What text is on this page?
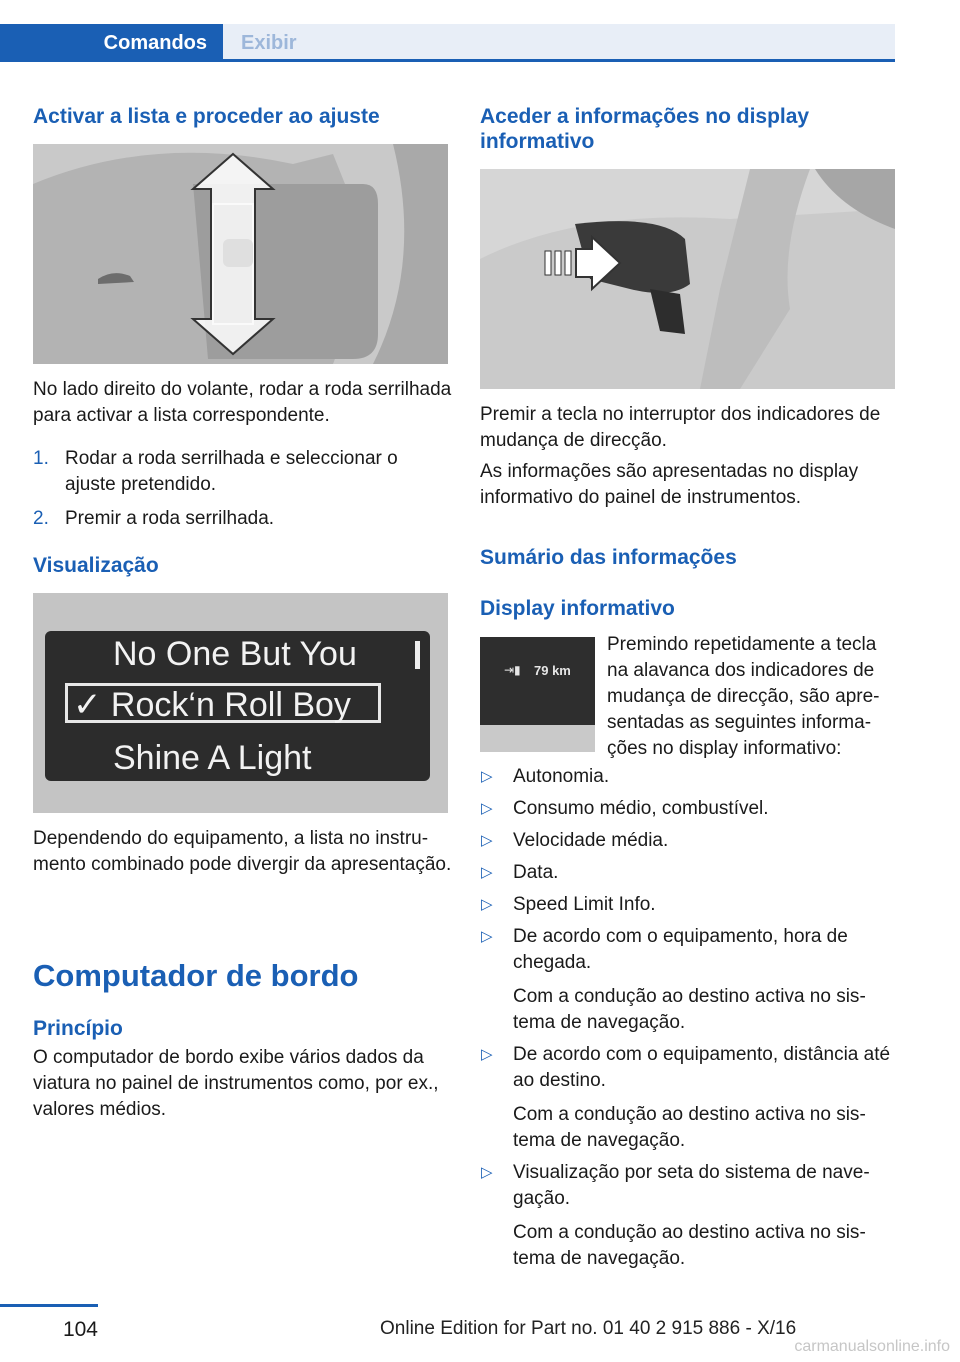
Comandos Exibir
Activar a lista e proceder ao ajuste

No lado direito do volante, rodar a roda serrilhada para activar a lista correspondente.

1. Rodar a roda serrilhada e seleccionar o ajuste pretendido.
2. Premir a roda serrilhada.
Visualização
No One But You
✓ Rock‘n Roll Boy
Shine A Light

Dependendo do equipamento, a lista no instrumento combinado pode divergir da apresentação.

Computador de bordo
Princípio

O computador de bordo exibe vários dados da viatura no painel de instrumentos como, por ex., valores médios.

Aceder a informações no display informativo

Premir a tecla no interruptor dos indicadores de mudança de direcção.

As informações são apresentadas no display informativo do painel de instrumentos.

Sumário das informações
Display informativo
⇥▮ 79 km

Premindo repetidamente a tecla na alavanca dos indicadores de mudança de direcção, são apresentadas as seguintes informações no display informativo:

▷ Autonomia.
▷ Consumo médio, combustível.
▷ Velocidade média.
▷ Data.
▷ Speed Limit Info.
▷ De acordo com o equipamento, hora de chegada.
Com a condução ao destino activa no sistema de navegação.
▷ De acordo com o equipamento, distância até ao destino.
Com a condução ao destino activa no sistema de navegação.
▷ Visualização por seta do sistema de navegação.
Com a condução ao destino activa no sistema de navegação.
104	Online Edition for Part no. 01 40 2 915 886 - X/16
carmanualsonline.info
